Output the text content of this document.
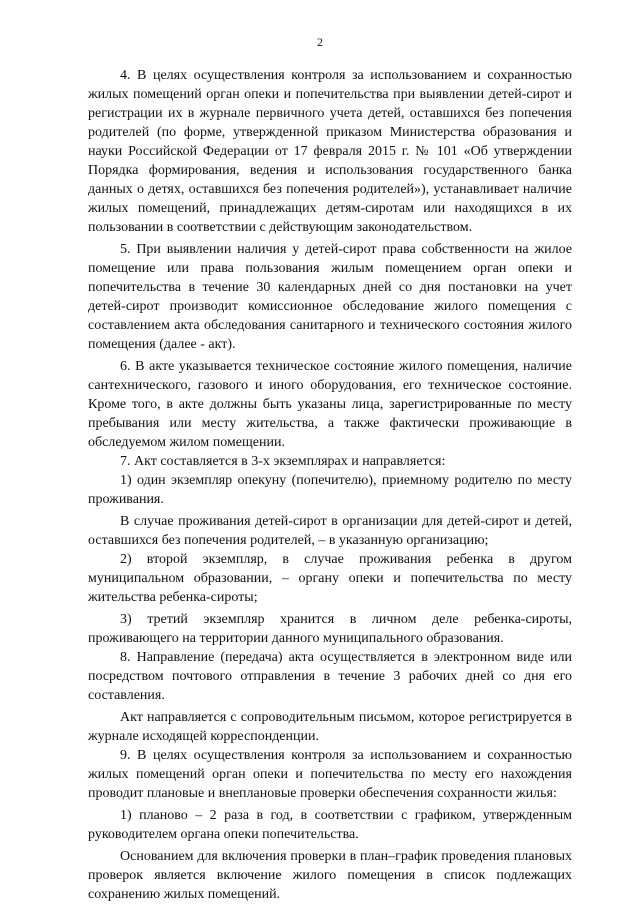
2

4. В целях осуществления контроля за использованием и сохранностью жилых помещений орган опеки и попечительства при выявлении детей-сирот и регистрации их в журнале первичного учета детей, оставшихся без попечения родителей (по форме, утвержденной приказом Министерства образования и науки Российской Федерации от 17 февраля 2015 г. № 101 «Об утверждении Порядка формирования, ведения и использования государственного банка данных о детях, оставшихся без попечения родителей»), устанавливает наличие жилых помещений, принадлежащих детям-сиротам или находящихся в их пользовании в соответствии с действующим законодательством.

5. При выявлении наличия у детей-сирот права собственности на жилое помещение или права пользования жилым помещением орган опеки и попечительства в течение 30 календарных дней со дня постановки на учет детей-сирот производит комиссионное обследование жилого помещения с составлением акта обследования санитарного и технического состояния жилого помещения (далее - акт).

6. В акте указывается техническое состояние жилого помещения, наличие сантехнического, газового и иного оборудования, его техническое состояние. Кроме того, в акте должны быть указаны лица, зарегистрированные по месту пребывания или месту жительства, а также фактически проживающие в обследуемом жилом помещении.

7. Акт составляется в 3-х экземплярах и направляется:

1) один экземпляр опекуну (попечителю), приемному родителю по месту проживания.

В случае проживания детей-сирот в организации для детей-сирот и детей, оставшихся без попечения родителей, – в указанную организацию;

2) второй экземпляр, в случае проживания ребенка в другом муниципальном образовании, – органу опеки и попечительства по месту жительства ребенка-сироты;

3) третий экземпляр хранится в личном деле ребенка-сироты, проживающего на территории данного муниципального образования.

8. Направление (передача) акта осуществляется в электронном виде или посредством почтового отправления в течение 3 рабочих дней со дня его составления.

Акт направляется с сопроводительным письмом, которое регистрируется в журнале исходящей корреспонденции.

9. В целях осуществления контроля за использованием и сохранностью жилых помещений орган опеки и попечительства по месту его нахождения проводит плановые и внеплановые проверки обеспечения сохранности жилья:

1) планово – 2 раза в год, в соответствии с графиком, утвержденным руководителем органа опеки попечительства.

Основанием для включения проверки в план–график проведения плановых проверок является включение жилого помещения в список подлежащих сохранению жилых помещений.
